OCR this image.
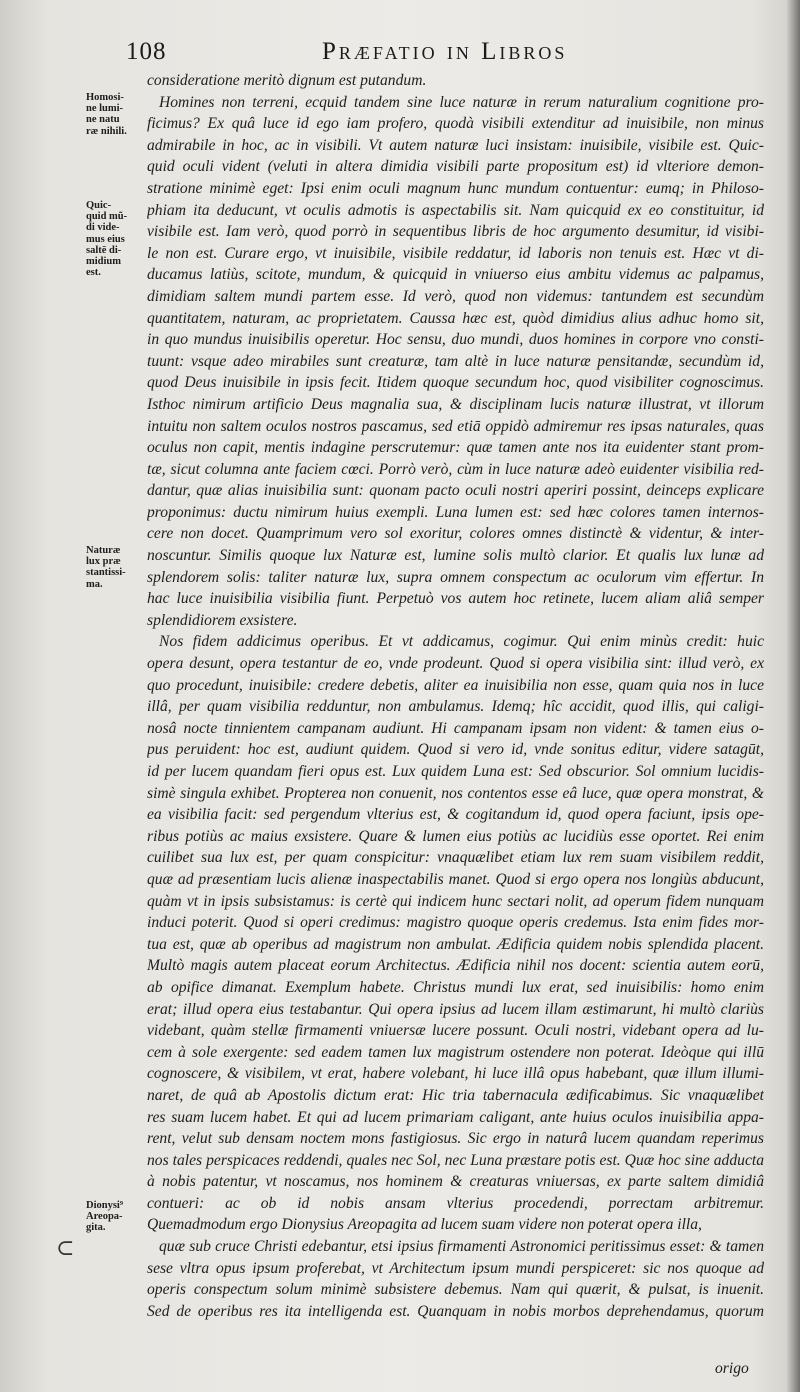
108	Præfatio in Libros
Homosi-
ne lumi-
ne natu
ræ nihili.
Quic-
quid mũ-
di vide-
mus eius
saltē di-
midium
est.
Naturæ
lux præ
stantissi-
ma.
Dionysi⁹
Areopa-
gita.
⊂
consideratione meritò dignum est putandum.
Homines non terreni, ecquid tandem sine luce naturæ in rerum naturalium cognitione pro-
ficimus? Ex quâ luce id ego iam profero, quodà visibili extenditur ad inuisibile, non minus
admirabile in hoc, ac in visibili. Vt autem naturæ luci insistam: inuisibile, visibile est. Quic-
quid oculi vident (veluti in altera dimidia visibili parte propositum est) id vlteriore demon-
stratione minimè eget: Ipsi enim oculi magnum hunc mundum contuentur: eumq; in Philoso-
phiam ita deducunt, vt oculis admotis is aspectabilis sit. Nam quicquid ex eo constituitur, id
visibile est. Iam verò, quod porrò in sequentibus libris de hoc argumento desumitur, id visibi-
le non est. Curare ergo, vt inuisibile, visibile reddatur, id laboris non tenuis est. Hæc vt di-
ducamus latiùs, scitote, mundum, & quicquid in vniuerso eius ambitu videmus ac palpamus,
dimidiam saltem mundi partem esse. Id verò, quod non videmus: tantundem est secundùm
quantitatem, naturam, ac proprietatem. Caussa hæc est, quòd dimidius alius adhuc homo sit,
in quo mundus inuisibilis operetur. Hoc sensu, duo mundi, duos homines in corpore vno consti-
tuunt: vsque adeo mirabiles sunt creaturæ, tam altè in luce naturæ pensitandæ, secundùm id,
quod Deus inuisibile in ipsis fecit. Itidem quoque secundum hoc, quod visibiliter cognoscimus.
Isthoc nimirum artificio Deus magnalia sua, & disciplinam lucis naturæ illustrat, vt illorum
intuitu non saltem oculos nostros pascamus, sed etiā oppidò admiremur res ipsas naturales, quas
oculus non capit, mentis indagine perscrutemur: quæ tamen ante nos ita euidenter stant prom-
tæ, sicut columna ante faciem cœci. Porrò verò, cùm in luce naturæ adeò euidenter visibilia red-
dantur, quæ alias inuisibilia sunt: quonam pacto oculi nostri aperiri possint, deinceps explicare
proponimus: ductu nimirum huius exempli. Luna lumen est: sed hæc colores tamen internos-
cere non docet. Quamprimum vero sol exoritur, colores omnes distinctè & videntur, & inter-
noscuntur. Similis quoque lux Naturæ est, lumine solis multò clarior. Et qualis lux lunæ ad
splendorem solis: taliter naturæ lux, supra omnem conspectum ac oculorum vim effertur. In
hac luce inuisibilia visibilia fiunt. Perpetuò vos autem hoc retinete, lucem aliam aliâ semper
splendidiorem exsistere.
Nos fidem addicimus operibus. Et vt addicamus, cogimur. Qui enim minùs credit: huic
opera desunt, opera testantur de eo, vnde prodeunt. Quod si opera visibilia sint: illud verò, ex
quo procedunt, inuisibile: credere debetis, aliter ea inuisibilia non esse, quam quia nos in luce
illâ, per quam visibilia redduntur, non ambulamus. Idemq; hîc accidit, quod illis, qui caligi-
nosâ nocte tinnientem campanam audiunt. Hi campanam ipsam non vident: & tamen eius o-
pus peruident: hoc est, audiunt quidem. Quod si vero id, vnde sonitus editur, videre satagūt,
id per lucem quandam fieri opus est. Lux quidem Luna est: Sed obscurior. Sol omnium lucidis-
simè singula exhibet. Propterea non conuenit, nos contentos esse eâ luce, quæ opera monstrat, &
ea visibilia facit: sed pergendum vlterius est, & cogitandum id, quod opera faciunt, ipsis ope-
ribus potiùs ac maius exsistere. Quare & lumen eius potiùs ac lucidiùs esse oportet. Rei enim
cuilibet sua lux est, per quam conspicitur: vnaquælibet etiam lux rem suam visibilem reddit,
quæ ad præsentiam lucis alienæ inaspectabilis manet. Quod si ergo opera nos longiùs abducunt,
quàm vt in ipsis subsistamus: is certè qui indicem hunc sectari nolit, ad operum fidem nunquam
induci poterit. Quod si operi credimus: magistro quoque operis credemus. Ista enim fides mor-
tua est, quæ ab operibus ad magistrum non ambulat. Ædificia quidem nobis splendida placent.
Multò magis autem placeat eorum Architectus. Ædificia nihil nos docent: scientia autem eorū,
ab opifice dimanat. Exemplum habete. Christus mundi lux erat, sed inuisibilis: homo enim
erat; illud opera eius testabantur. Qui opera ipsius ad lucem illam æstimarunt, hi multò clariùs
videbant, quàm stellæ firmamenti vniuersæ lucere possunt. Oculi nostri, videbant opera ad lu-
cem à sole exergente: sed eadem tamen lux magistrum ostendere non poterat. Ideòque qui illū
cognoscere, & visibilem, vt erat, habere volebant, hi luce illâ opus habebant, quæ illum illumi-
naret, de quâ ab Apostolis dictum erat: Hic tria tabernacula ædificabimus. Sic vnaquælibet
res suam lucem habet. Et qui ad lucem primariam caligant, ante huius oculos inuisibilia appa-
rent, velut sub densam noctem mons fastigiosus. Sic ergo in naturâ lucem quandam reperimus
nos tales perspicaces reddendi, quales nec Sol, nec Luna præstare potis est. Quæ hoc sine adducta
à nobis patentur, vt noscamus, nos hominem & creaturas vniuersas, ex parte saltem dimidiâ
contueri: ac ob id nobis ansam vlterius procedendi, porrectam arbitremur.
Quemadmodum ergo Dionysius Areopagita ad lucem suam videre non poterat opera illa,
quæ sub cruce Christi edebantur, etsi ipsius firmamenti Astronomici peritissimus esset: & tamen
sese vltra opus ipsum proferebat, vt Architectum ipsum mundi perspiceret: sic nos quoque ad
operis conspectum solum minimè subsistere debemus. Nam qui quærit, & pulsat, is inuenit.
Sed de operibus res ita intelligenda est. Quanquam in nobis morbos deprehendamus, quorum
origo
